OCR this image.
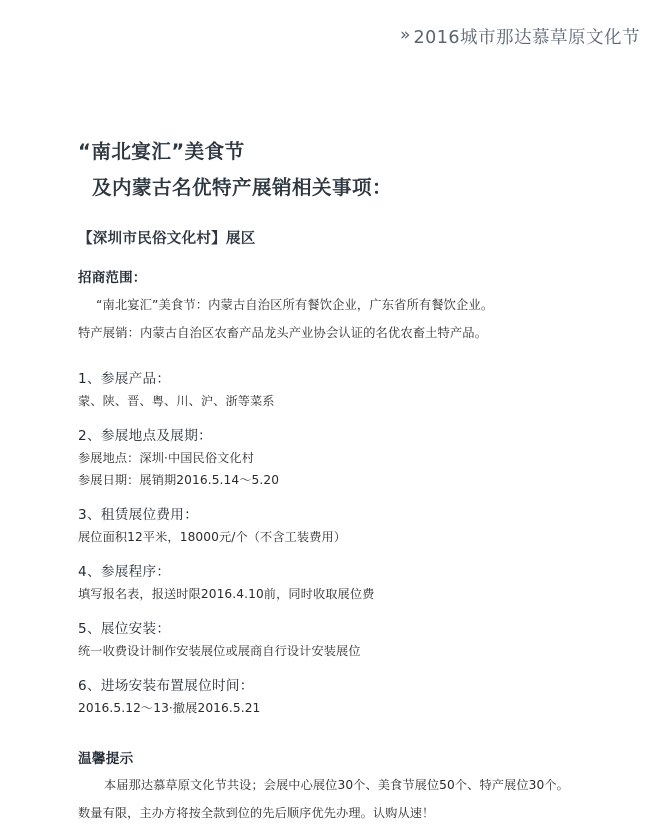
» 2016城市那达慕草原文化节
“南北宴汇”美食节
及内蒙古名优特产展销相关事项：
【深圳市民俗文化村】展区
招商范围：
“南北宴汇”美食节：内蒙古自治区所有餐饮企业，广东省所有餐饮企业。
特产展销：内蒙古自治区农畜产品龙头产业协会认证的名优农畜土特产品。
1、参展产品：
蒙、陕、晋、粤、川、沪、浙等菜系
2、参展地点及展期：
参展地点：深圳·中国民俗文化村
参展日期：展销期2016.5.14～5.20
3、租赁展位费用：
展位面积12平米，18000元/个（不含工装费用）
4、参展程序：
填写报名表，报送时限2016.4.10前，同时收取展位费
5、展位安装：
统一收费设计制作安装展位或展商自行设计安装展位
6、进场安装布置展位时间：
2016.5.12～13·撤展2016.5.21
温馨提示
本届那达慕草原文化节共设；会展中心展位30个、美食节展位50个、特产展位30个。
数量有限，主办方将按全款到位的先后顺序优先办理。认购从速！
